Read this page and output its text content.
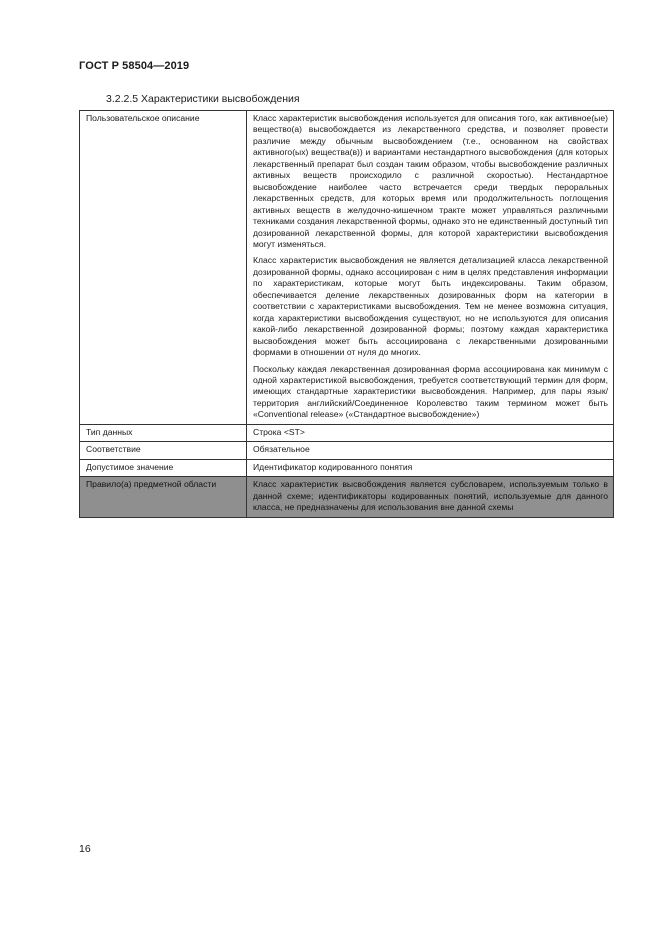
ГОСТ Р 58504—2019
3.2.2.5 Характеристики высвобождения
Пользовательское описание	Класс характеристик высвобождения используется для описания того, как активное(ые) вещество(а) высвобождается из лекарственного средства, и позволяет провести различие между обычным высвобождением (т.е., основанном на свойствах активного(ых) вещества(в)) и вариантами нестандартного высвобождения (для которых лекарственный препарат был создан таким образом, чтобы высвобождение различных активных веществ происходило с различной скоростью). Нестандартное высвобождение наиболее часто встречается среди твердых пероральных лекарственных средств, для которых время или продолжительность поглощения активных веществ в желудочно-кишечном тракте может управляться различными техниками создания лекарственной формы, однако это не единственный доступный тип дозированной лекарственной формы, для которой характеристики высвобождения могут изменяться.

Класс характеристик высвобождения не является детализацией класса лекарственной дозированной формы, однако ассоциирован с ним в целях представления информации по характеристикам, которые могут быть индексированы. Таким образом, обеспечивается деление лекарственных дозированных форм на категории в соответствии с характеристиками высвобождения. Тем не менее возможна ситуация, когда характеристики высвобождения существуют, но не используются для описания какой-либо лекарственной дозированной формы; поэтому каждая характеристика высвобождения может быть ассоциирована с лекарственными дозированными формами в отношении от нуля до многих.

Поскольку каждая лекарственная дозированная форма ассоциирована как минимум с одной характеристикой высвобождения, требуется соответствующий термин для форм, имеющих стандартные характеристики высвобождения. Например, для пары язык/территория английский/Соединенное Королевство таким термином может быть «Conventional release» («Стандартное высвобождение»)

Тип данных	Строка <ST>
Соответствие	Обязательное
Допустимое значение	Идентификатор кодированного понятия
Правило(а) предметной области	Класс характеристик высвобождения является субсловарем, используемым только в данной схеме; идентификаторы кодированных понятий, используемые для данного класса, не предназначены для использования вне данной схемы
16
